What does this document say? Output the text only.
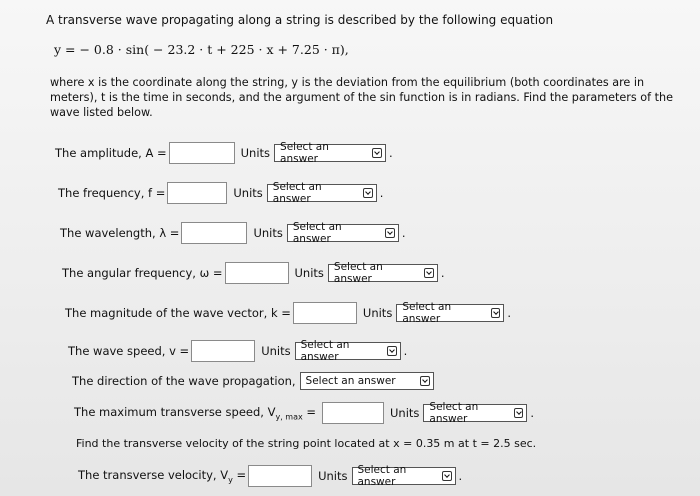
A transverse wave propagating along a string is described by the following equation
y = − 0.8 · sin( − 23.2 · t + 225 · x + 7.25 · π),
where x is the coordinate along the string, y is the deviation from the equilibrium (both coordinates are in meters), t is the time in seconds, and the argument of the sin function is in radians. Find the parameters of the wave listed below.
The amplitude, A =	Units Select an answer	.
The frequency, f =	Units Select an answer	.
The wavelength, λ =	Units Select an answer	.
The angular frequency, ω =	Units Select an answer	.
The magnitude of the wave vector, k =	Units Select an answer	.
The wave speed, v =	Units Select an answer	.
The direction of the wave propagation, Select an answer
The maximum transverse speed, $V_{y, max}$ =	Units Select an answer	.
Find the transverse velocity of the string point located at x = 0.35 m at t = 2.5 sec.
The transverse velocity, $V_y$ =	Units Select an answer	.
